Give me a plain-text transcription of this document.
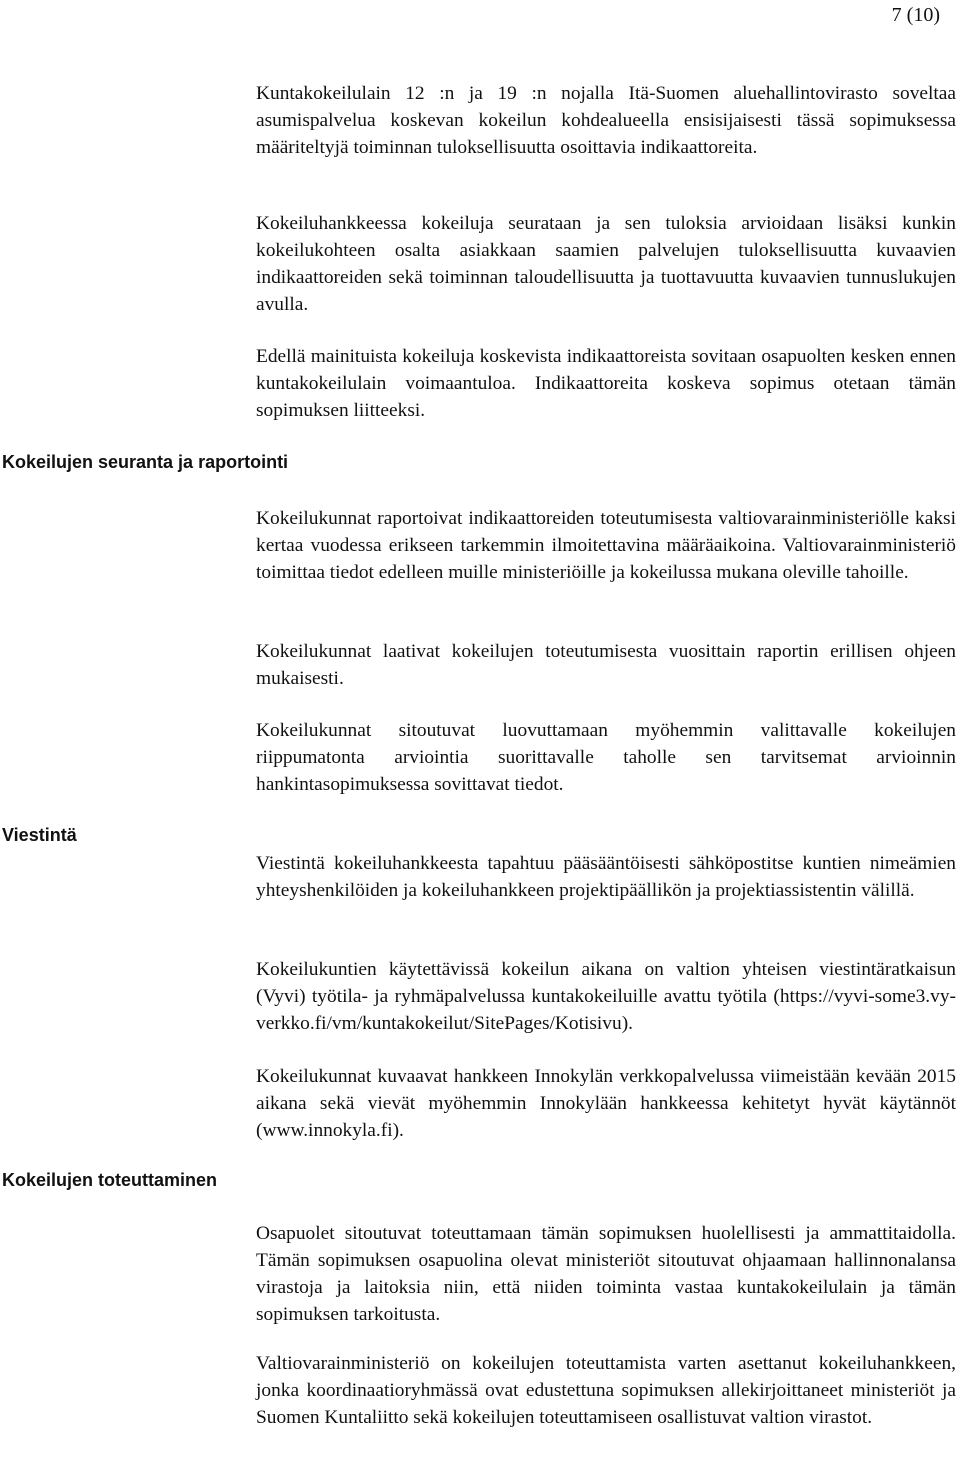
7 (10)

Kuntakokeilulain 12 :n ja 19 :n nojalla Itä-Suomen aluehallintovirasto soveltaa asumispalvelua koskevan kokeilun kohdealueella ensisijaisesti tässä sopimuksessa määriteltyjä toiminnan tuloksellisuutta osoittavia indikaattoreita.

Kokeiluhankkeessa kokeiluja seurataan ja sen tuloksia arvioidaan lisäksi kunkin kokeilukohteen osalta asiakkaan saamien palvelujen tuloksellisuutta kuvaavien indikaattoreiden sekä toiminnan taloudellisuutta ja tuottavuutta kuvaavien tunnuslukujen avulla.

Edellä mainituista kokeiluja koskevista indikaattoreista sovitaan osapuolten kesken ennen kuntakokeilulain voimaantuloa. Indikaattoreita koskeva sopimus otetaan tämän sopimuksen liitteeksi.

Kokeilujen seuranta ja raportointi

Kokeilukunnat raportoivat indikaattoreiden toteutumisesta valtiovarainministeriölle kaksi kertaa vuodessa erikseen tarkemmin ilmoitettavina määräaikoina. Valtiovarainministeriö toimittaa tiedot edelleen muille ministeriöille ja kokeilussa mukana oleville tahoille.

Kokeilukunnat laativat kokeilujen toteutumisesta vuosittain raportin erillisen ohjeen mukaisesti.

Kokeilukunnat sitoutuvat luovuttamaan myöhemmin valittavalle kokeilujen riippumatonta arviointia suorittavalle taholle sen tarvitsemat arvioinnin hankintasopimuksessa sovittavat tiedot.

Viestintä

Viestintä kokeiluhankkeesta tapahtuu pääsääntöisesti sähköpostitse kuntien nimeämien yhteyshenkilöiden ja kokeiluhankkeen projektipäällikön ja projektiassistentin välillä.

Kokeilukuntien käytettävissä kokeilun aikana on valtion yhteisen viestintäratkaisun (Vyvi) työtila- ja ryhmäpalvelussa kuntakokeiluille avattu työtila (https://vyvi-some3.vy-verkko.fi/vm/kuntakokeilut/SitePages/Kotisivu).

Kokeilukunnat kuvaavat hankkeen Innokylän verkkopalvelussa viimeistään kevään 2015 aikana sekä vievät myöhemmin Innokylään hankkeessa kehitetyt hyvät käytännöt (www.innokyla.fi).

Kokeilujen toteuttaminen

Osapuolet sitoutuvat toteuttamaan tämän sopimuksen huolellisesti ja ammattitaidolla. Tämän sopimuksen osapuolina olevat ministeriöt sitoutuvat ohjaamaan hallinnonalansa virastoja ja laitoksia niin, että niiden toiminta vastaa kuntakokeilulain ja tämän sopimuksen tarkoitusta.

Valtiovarainministeriö on kokeilujen toteuttamista varten asettanut kokeiluhankkeen, jonka koordinaatioryhmässä ovat edustettuna sopimuksen allekirjoittaneet ministeriöt ja Suomen Kuntaliitto sekä kokeilujen toteuttamiseen osallistuvat valtion virastot.
